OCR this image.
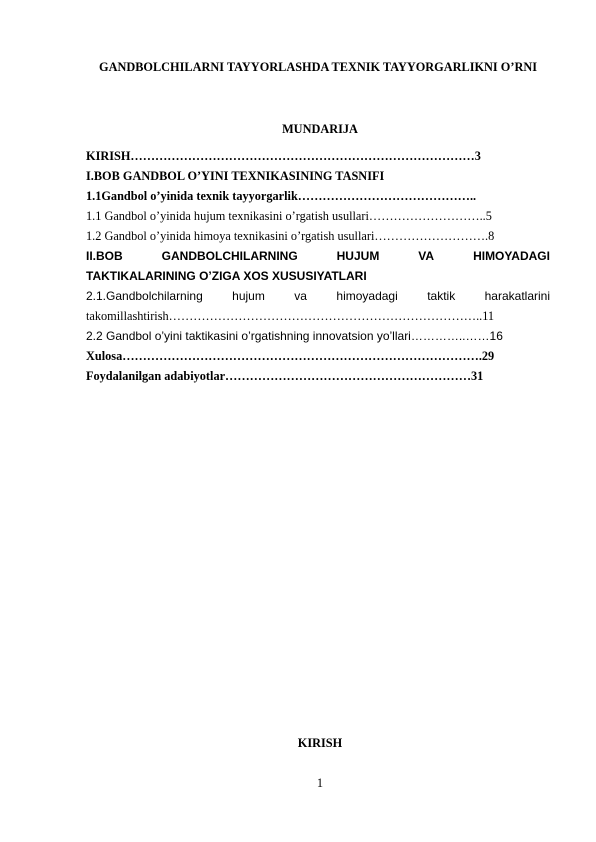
GANDBOLCHILARNI TAYYORLASHDA TEXNIK TAYYORGARLIKNI O’RNI
MUNDARIJA
KIRISH…………………………………………………………………………3
I.BOB GANDBOL O’YINI TEXNIKASINING TASNIFI
1.1Gandbol o’yinida texnik tayyorgarlik……………………………………..
1.1 Gandbol o’yinida hujum texnikasini o’rgatish usullari………………………..5
1.2 Gandbol o’yinida himoya texnikasini o’rgatish usullari……………………….8
II.BOB	GANDBOLCHILARNING	HUJUM	VA	HIMOYADAGI
TAKTIKALARINING O’ZIGA XOS XUSUSIYATLARI
2.1.Gandbolchilarning hujum va himoyadagi taktik harakatlarini
takomillashtirish…………………………………………………………………..11
2.2 Gandbol o’yini taktikasini o’rgatishning innovatsion yo’llari…………..……16
Xulosa…………………………………………………………………………….29
Foydalanilgan adabiyotlar……………………………………………………31
KIRISH
1
